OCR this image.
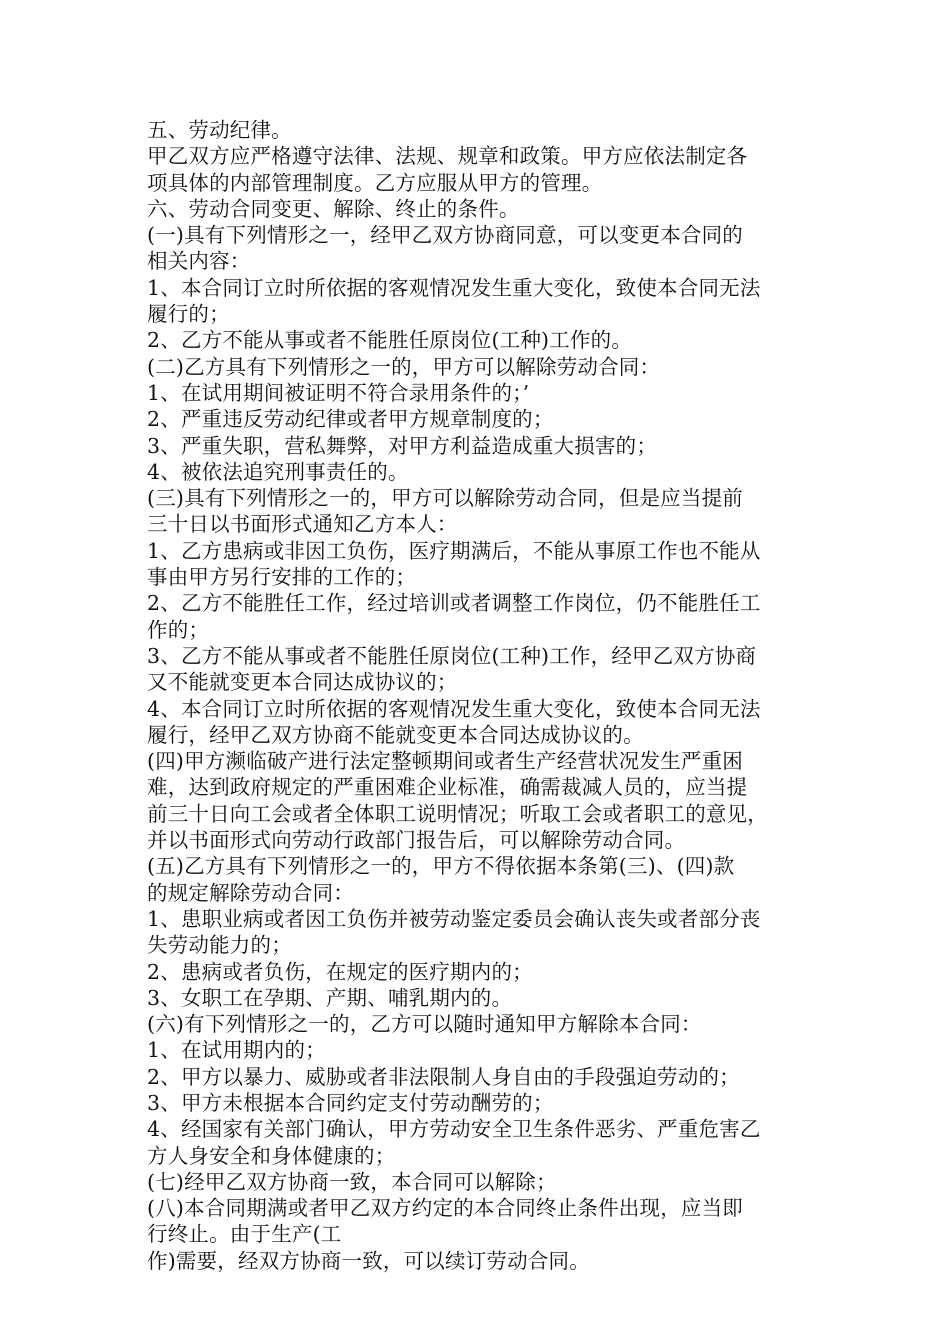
五、劳动纪律。
甲乙双方应严格遵守法律、法规、规章和政策。甲方应依法制定各
项具体的内部管理制度。乙方应服从甲方的管理。
六、劳动合同变更、解除、终止的条件。
(一)具有下列情形之一，经甲乙双方协商同意，可以变更本合同的
相关内容：
1、本合同订立时所依据的客观情况发生重大变化，致使本合同无法
履行的；
2、乙方不能从事或者不能胜任原岗位(工种)工作的。
(二)乙方具有下列情形之一的，甲方可以解除劳动合同：
1、在试用期间被证明不符合录用条件的；’
2、严重违反劳动纪律或者甲方规章制度的；
3、严重失职，营私舞弊，对甲方利益造成重大损害的；
4、被依法追究刑事责任的。
(三)具有下列情形之一的，甲方可以解除劳动合同，但是应当提前
三十日以书面形式通知乙方本人：
1、乙方患病或非因工负伤，医疗期满后，不能从事原工作也不能从
事由甲方另行安排的工作的；
2、乙方不能胜任工作，经过培训或者调整工作岗位，仍不能胜任工
作的；
3、乙方不能从事或者不能胜任原岗位(工种)工作，经甲乙双方协商
又不能就变更本合同达成协议的；
4、本合同订立时所依据的客观情况发生重大变化，致使本合同无法
履行，经甲乙双方协商不能就变更本合同达成协议的。
(四)甲方濒临破产进行法定整顿期间或者生产经营状况发生严重困
难，达到政府规定的严重困难企业标准，确需裁减人员的，应当提
前三十日向工会或者全体职工说明情况；听取工会或者职工的意见，
并以书面形式向劳动行政部门报告后，可以解除劳动合同。
(五)乙方具有下列情形之一的，甲方不得依据本条第(三)、(四)款
的规定解除劳动合同：
1、患职业病或者因工负伤并被劳动鉴定委员会确认丧失或者部分丧
失劳动能力的；
2、患病或者负伤，在规定的医疗期内的；
3、女职工在孕期、产期、哺乳期内的。
(六)有下列情形之一的，乙方可以随时通知甲方解除本合同：
1、在试用期内的；
2、甲方以暴力、威胁或者非法限制人身自由的手段强迫劳动的；
3、甲方未根据本合同约定支付劳动酬劳的；
4、经国家有关部门确认，甲方劳动安全卫生条件恶劣、严重危害乙
方人身安全和身体健康的；
(七)经甲乙双方协商一致，本合同可以解除；
(八)本合同期满或者甲乙双方约定的本合同终止条件出现，应当即
行终止。由于生产(工
作)需要，经双方协商一致，可以续订劳动合同。
